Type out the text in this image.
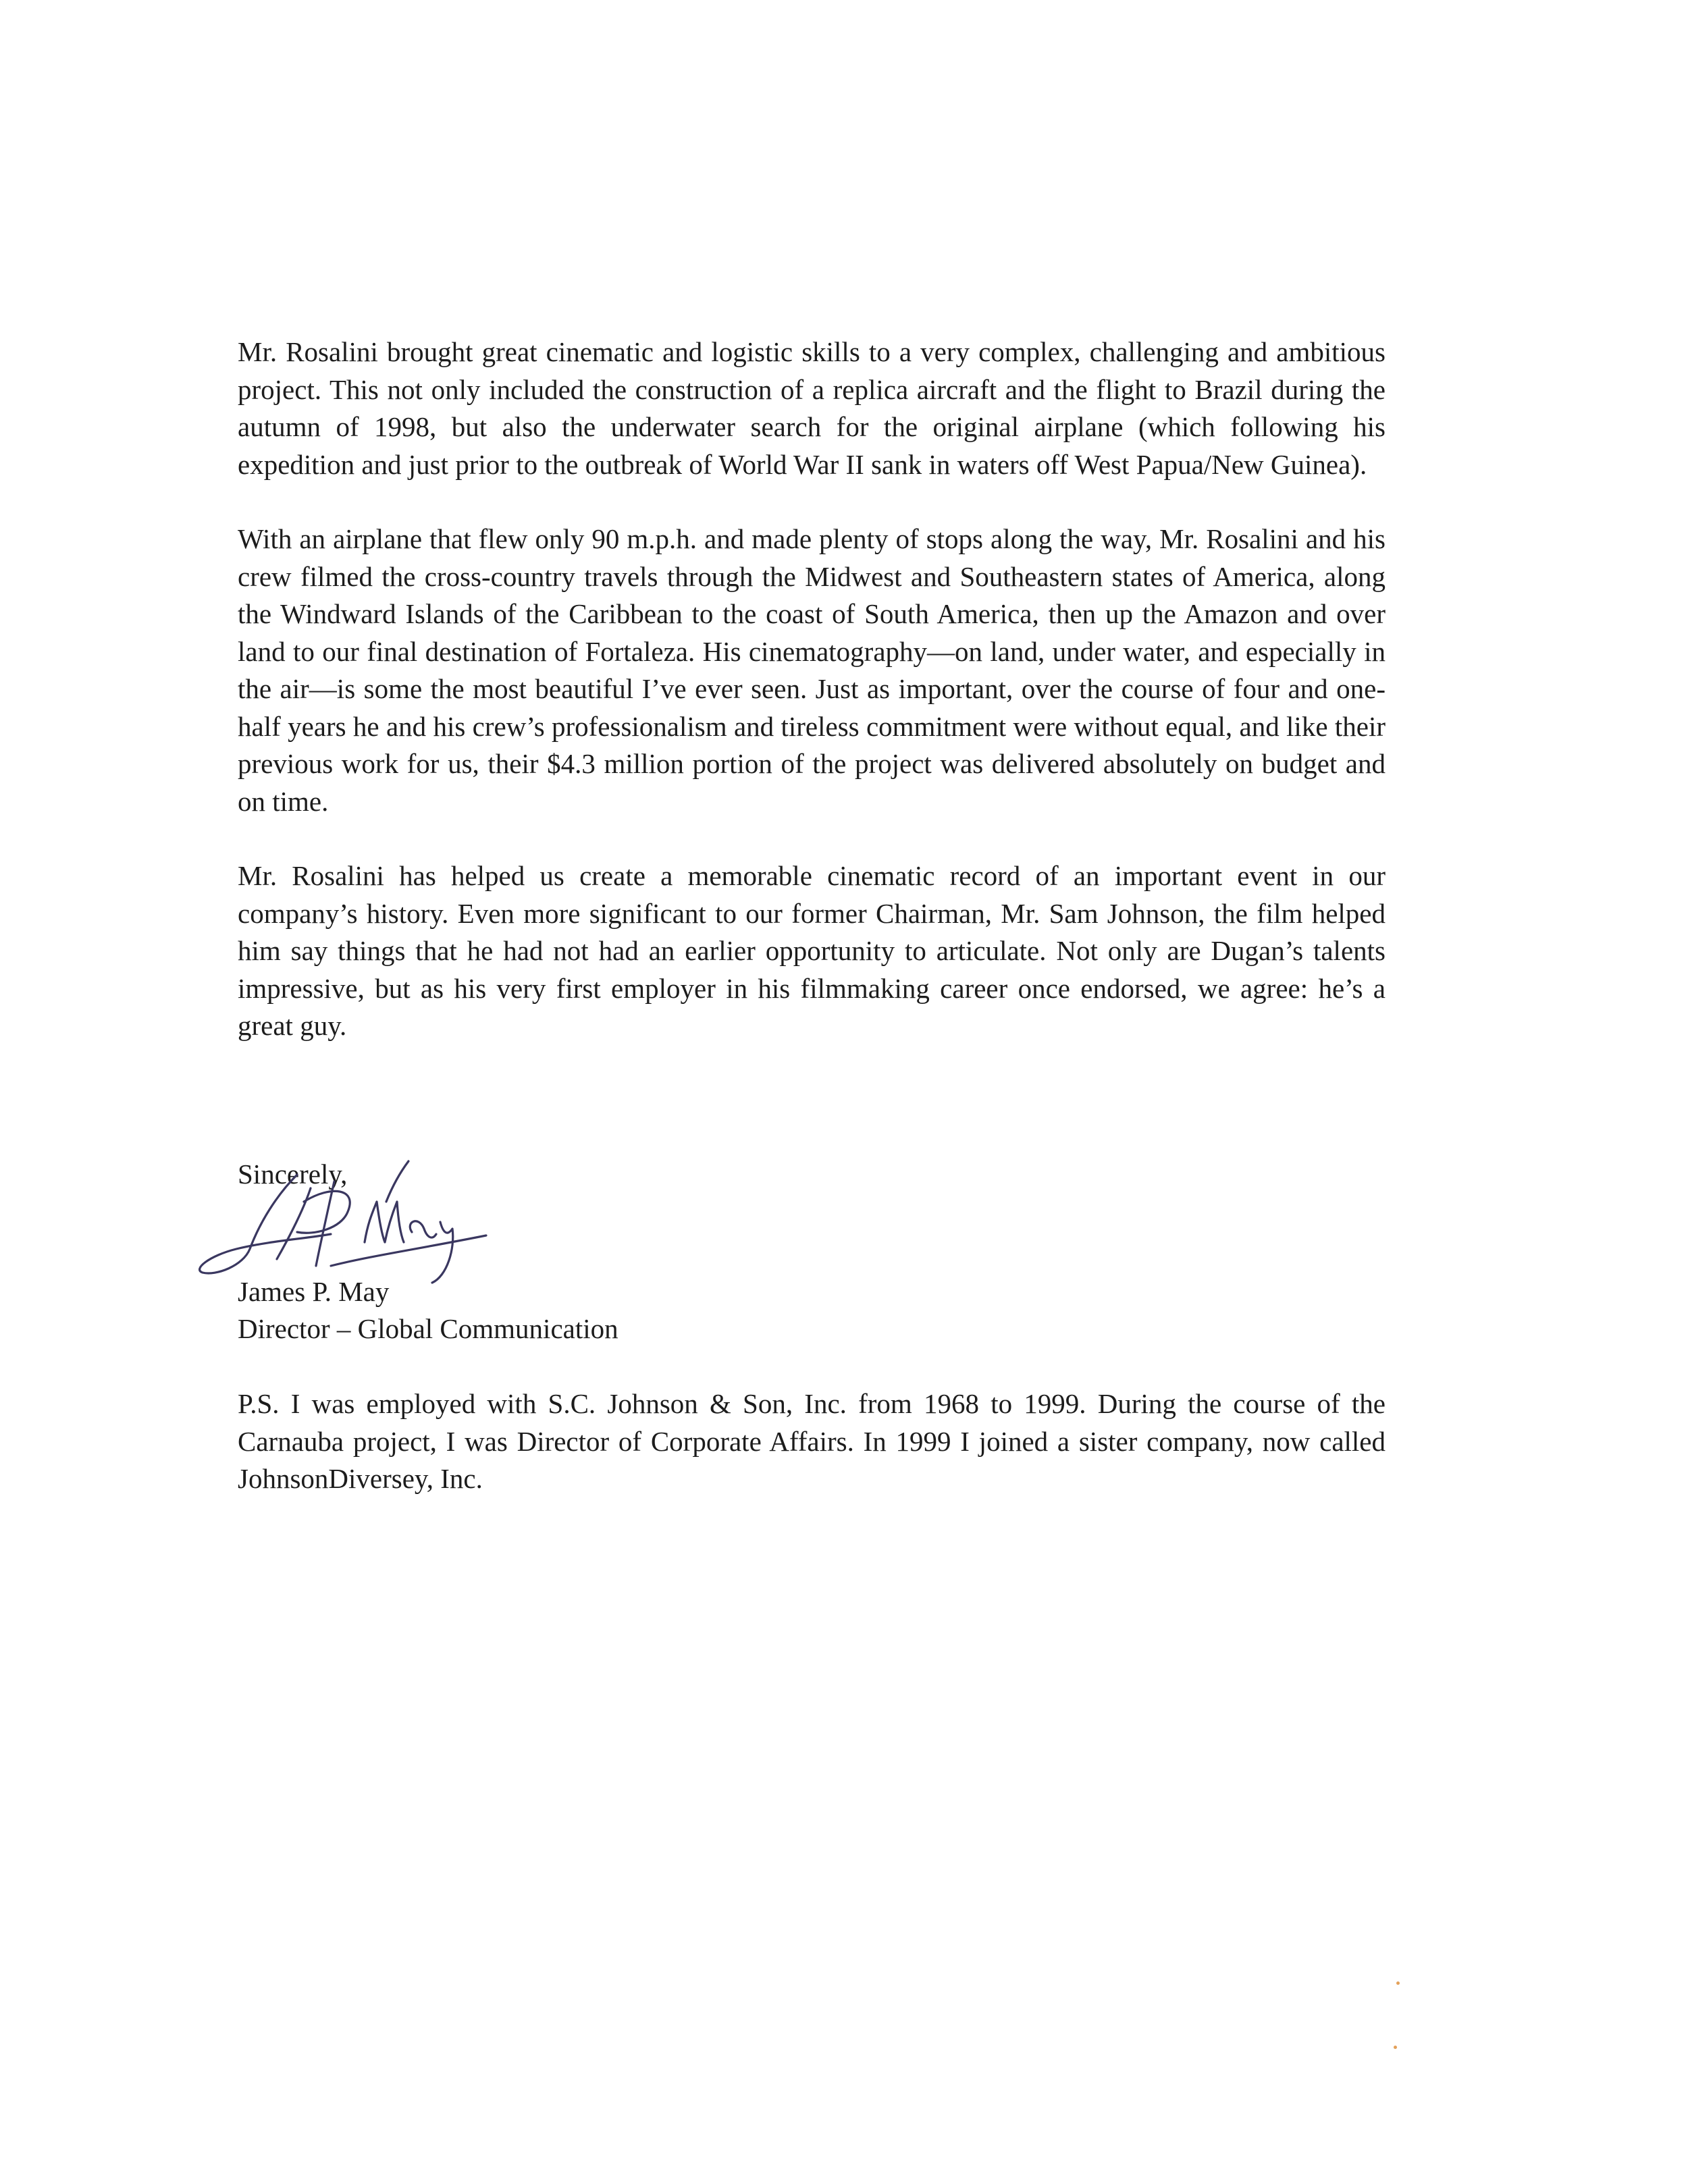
Mr. Rosalini brought great cinematic and logistic skills to a very complex, challenging and ambitious project. This not only included the construction of a replica aircraft and the flight to Brazil during the autumn of 1998, but also the underwater search for the original airplane (which following his expedition and just prior to the outbreak of World War II sank in waters off West Papua/New Guinea).

With an airplane that flew only 90 m.p.h. and made plenty of stops along the way, Mr. Rosalini and his crew filmed the cross-country travels through the Midwest and Southeastern states of America, along the Windward Islands of the Caribbean to the coast of South America, then up the Amazon and over land to our final destination of Fortaleza. His cinematography—on land, under water, and especially in the air—is some the most beautiful I’ve ever seen. Just as important, over the course of four and one-half years he and his crew’s professionalism and tireless commitment were without equal, and like their previous work for us, their $4.3 million portion of the project was delivered absolutely on budget and on time.

Mr. Rosalini has helped us create a memorable cinematic record of an important event in our company’s history. Even more significant to our former Chairman, Mr. Sam Johnson, the film helped him say things that he had not had an earlier opportunity to articulate. Not only are Dugan’s talents impressive, but as his very first employer in his filmmaking career once endorsed, we agree: he’s a great guy.

Sincerely,
James P. May
Director – Global Communication

P.S. I was employed with S.C. Johnson & Son, Inc. from 1968 to 1999. During the course of the Carnauba project, I was Director of Corporate Affairs. In 1999 I joined a sister company, now called JohnsonDiversey, Inc.
